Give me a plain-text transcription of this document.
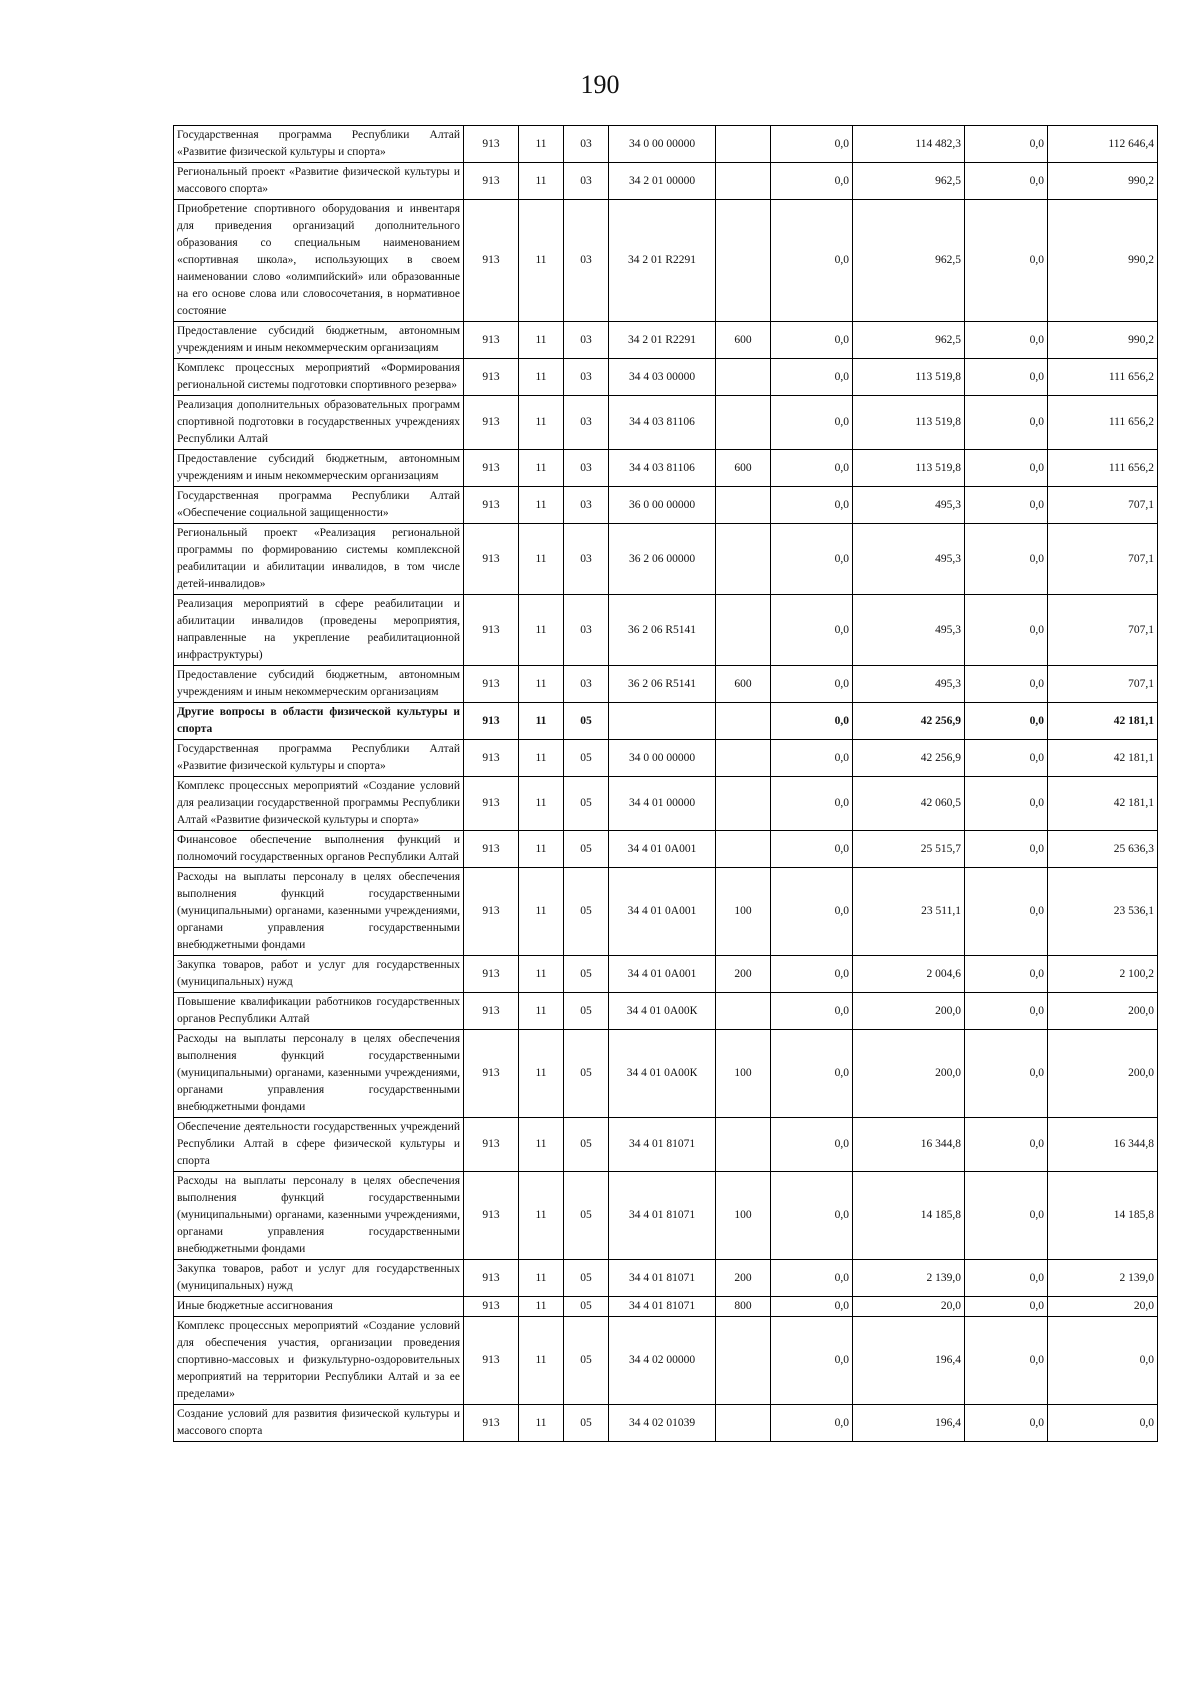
190
Государственная программа Республики Алтай «Развитие физической культуры и спорта»	913	11	03	34 0 00 00000		0,0	114 482,3	0,0	112 646,4
Региональный проект «Развитие физической культуры и массового спорта»	913	11	03	34 2 01 00000		0,0	962,5	0,0	990,2
Приобретение спортивного оборудования и инвентаря для приведения организаций дополнительного образования со специальным наименованием «спортивная школа», использующих в своем наименовании слово «олимпийский» или образованные на его основе слова или словосочетания, в нормативное состояние	913	11	03	34 2 01 R2291		0,0	962,5	0,0	990,2
Предоставление субсидий бюджетным, автономным учреждениям и иным некоммерческим организациям	913	11	03	34 2 01 R2291	600	0,0	962,5	0,0	990,2
Комплекс процессных мероприятий «Формирования региональной системы подготовки спортивного резерва»	913	11	03	34 4 03 00000		0,0	113 519,8	0,0	111 656,2
Реализация дополнительных образовательных программ спортивной подготовки в государственных учреждениях Республики Алтай	913	11	03	34 4 03 81106		0,0	113 519,8	0,0	111 656,2
Предоставление субсидий бюджетным, автономным учреждениям и иным некоммерческим организациям	913	11	03	34 4 03 81106	600	0,0	113 519,8	0,0	111 656,2
Государственная программа Республики Алтай «Обеспечение социальной защищенности»	913	11	03	36 0 00 00000		0,0	495,3	0,0	707,1
Региональный проект «Реализация региональной программы по формированию системы комплексной реабилитации и абилитации инвалидов, в том числе детей-инвалидов»	913	11	03	36 2 06 00000		0,0	495,3	0,0	707,1
Реализация мероприятий в сфере реабилитации и абилитации инвалидов (проведены мероприятия, направленные на укрепление реабилитационной инфраструктуры)	913	11	03	36 2 06 R5141		0,0	495,3	0,0	707,1
Предоставление субсидий бюджетным, автономным учреждениям и иным некоммерческим организациям	913	11	03	36 2 06 R5141	600	0,0	495,3	0,0	707,1
Другие вопросы в области физической культуры и спорта	913	11	05			0,0	42 256,9	0,0	42 181,1
Государственная программа Республики Алтай «Развитие физической культуры и спорта»	913	11	05	34 0 00 00000		0,0	42 256,9	0,0	42 181,1
Комплекс процессных мероприятий «Создание условий для реализации государственной программы Республики Алтай «Развитие физической культуры и спорта»	913	11	05	34 4 01 00000		0,0	42 060,5	0,0	42 181,1
Финансовое обеспечение выполнения функций и полномочий государственных органов Республики Алтай	913	11	05	34 4 01 0А001		0,0	25 515,7	0,0	25 636,3
Расходы на выплаты персоналу в целях обеспечения выполнения функций государственными (муниципальными) органами, казенными учреждениями, органами управления государственными внебюджетными фондами	913	11	05	34 4 01 0А001	100	0,0	23 511,1	0,0	23 536,1
Закупка товаров, работ и услуг для государственных (муниципальных) нужд	913	11	05	34 4 01 0А001	200	0,0	2 004,6	0,0	2 100,2
Повышение квалификации работников государственных органов Республики Алтай	913	11	05	34 4 01 0А00К		0,0	200,0	0,0	200,0
Расходы на выплаты персоналу в целях обеспечения выполнения функций государственными (муниципальными) органами, казенными учреждениями, органами управления государственными внебюджетными фондами	913	11	05	34 4 01 0А00К	100	0,0	200,0	0,0	200,0
Обеспечение деятельности государственных учреждений Республики Алтай в сфере физической культуры и спорта	913	11	05	34 4 01 81071		0,0	16 344,8	0,0	16 344,8
Расходы на выплаты персоналу в целях обеспечения выполнения функций государственными (муниципальными) органами, казенными учреждениями, органами управления государственными внебюджетными фондами	913	11	05	34 4 01 81071	100	0,0	14 185,8	0,0	14 185,8
Закупка товаров, работ и услуг для государственных (муниципальных) нужд	913	11	05	34 4 01 81071	200	0,0	2 139,0	0,0	2 139,0
Иные бюджетные ассигнования	913	11	05	34 4 01 81071	800	0,0	20,0	0,0	20,0
Комплекс процессных мероприятий «Создание условий для обеспечения участия, организации проведения спортивно-массовых и физкультурно-оздоровительных мероприятий на территории Республики Алтай и за ее пределами»	913	11	05	34 4 02 00000		0,0	196,4	0,0	0,0
Создание условий для развития физической культуры и массового спорта	913	11	05	34 4 02 01039		0,0	196,4	0,0	0,0
